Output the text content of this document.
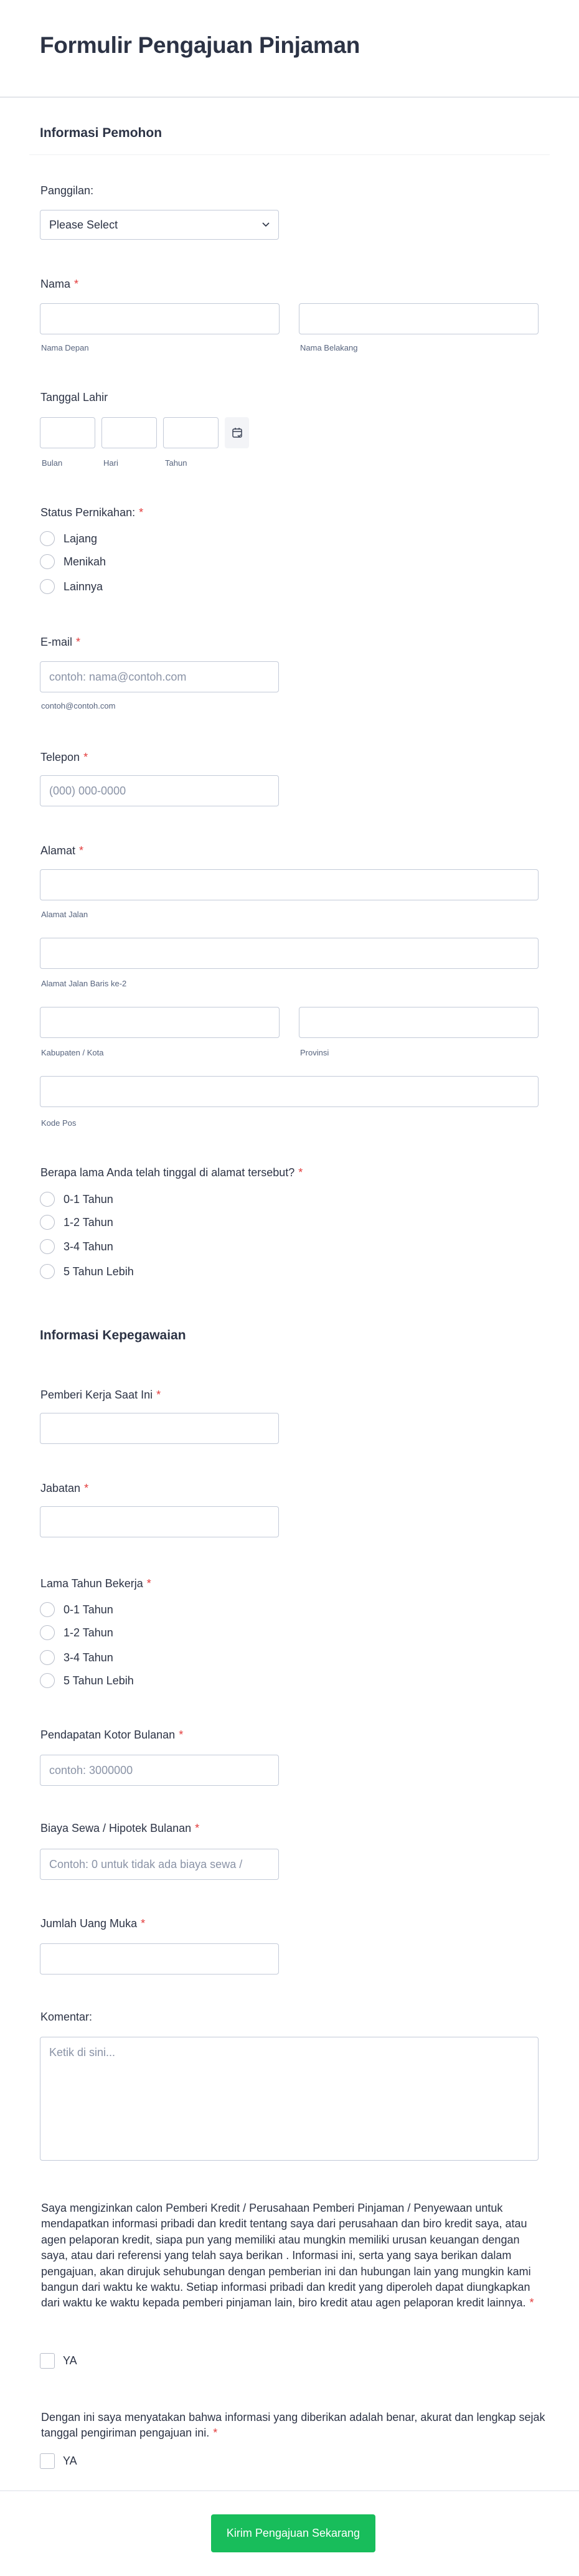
Formulir Pengajuan Pinjaman
Informasi Pemohon
Panggilan:
Please Select
Nama *
Nama Depan	Nama Belakang
Tanggal Lahir
Bulan	Hari	Tahun
Status Pernikahan: *
Lajang
Menikah
Lainnya
E-mail *
contoh: nama@contoh.com
contoh@contoh.com
Telepon *
(000) 000-0000
Alamat *
Alamat Jalan
Alamat Jalan Baris ke-2
Kabupaten / Kota	Provinsi
Kode Pos
Berapa lama Anda telah tinggal di alamat tersebut? *
0-1 Tahun
1-2 Tahun
3-4 Tahun
5 Tahun Lebih
Informasi Kepegawaian
Pemberi Kerja Saat Ini *
Jabatan *
Lama Tahun Bekerja *
0-1 Tahun
1-2 Tahun
3-4 Tahun
5 Tahun Lebih
Pendapatan Kotor Bulanan *
contoh: 3000000
Biaya Sewa / Hipotek Bulanan *
Contoh: 0 untuk tidak ada biaya sewa /
Jumlah Uang Muka *
Komentar:
Ketik di sini...
Saya mengizinkan calon Pemberi Kredit / Perusahaan Pemberi Pinjaman / Penyewaan untuk mendapatkan informasi pribadi dan kredit tentang saya dari perusahaan dan biro kredit saya, atau agen pelaporan kredit, siapa pun yang memiliki atau mungkin memiliki urusan keuangan dengan saya, atau dari referensi yang telah saya berikan . Informasi ini, serta yang saya berikan dalam pengajuan, akan dirujuk sehubungan dengan pemberian ini dan hubungan lain yang mungkin kami bangun dari waktu ke waktu. Setiap informasi pribadi dan kredit yang diperoleh dapat diungkapkan dari waktu ke waktu kepada pemberi pinjaman lain, biro kredit atau agen pelaporan kredit lainnya. *
YA
Dengan ini saya menyatakan bahwa informasi yang diberikan adalah benar, akurat dan lengkap sejak tanggal pengiriman pengajuan ini. *
YA
Kirim Pengajuan Sekarang
